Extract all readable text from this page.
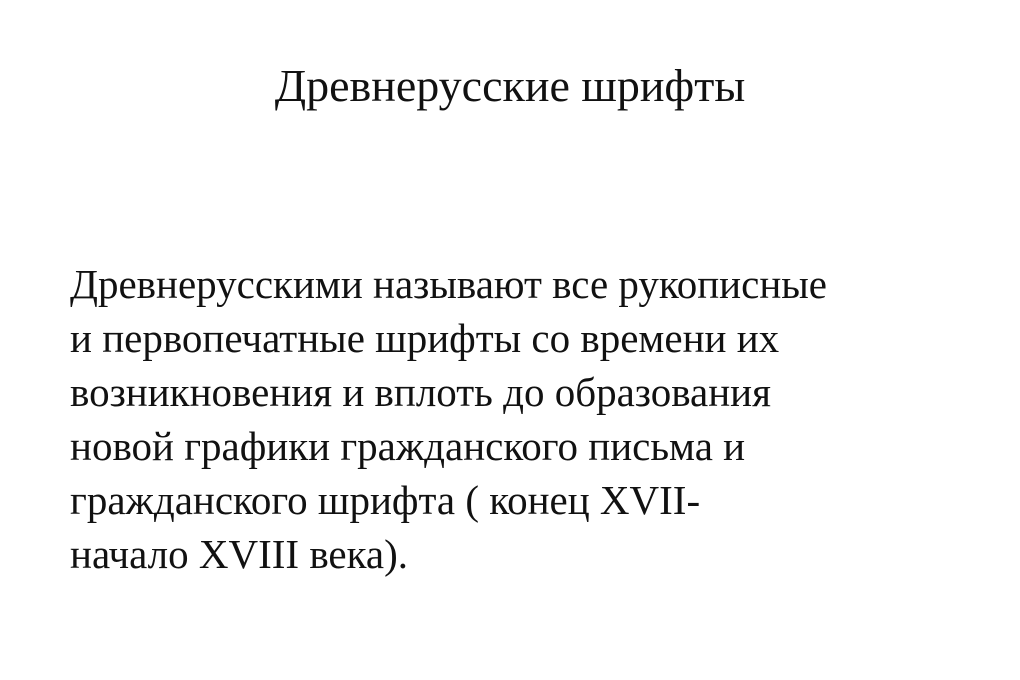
Древнерусские шрифты

Древнерусскими называют все рукописные
и первопечатные шрифты со времени их
возникновения и вплоть до образования
новой графики гражданского письма и
гражданского шрифта ( конец XVII-
начало XVIII века).
